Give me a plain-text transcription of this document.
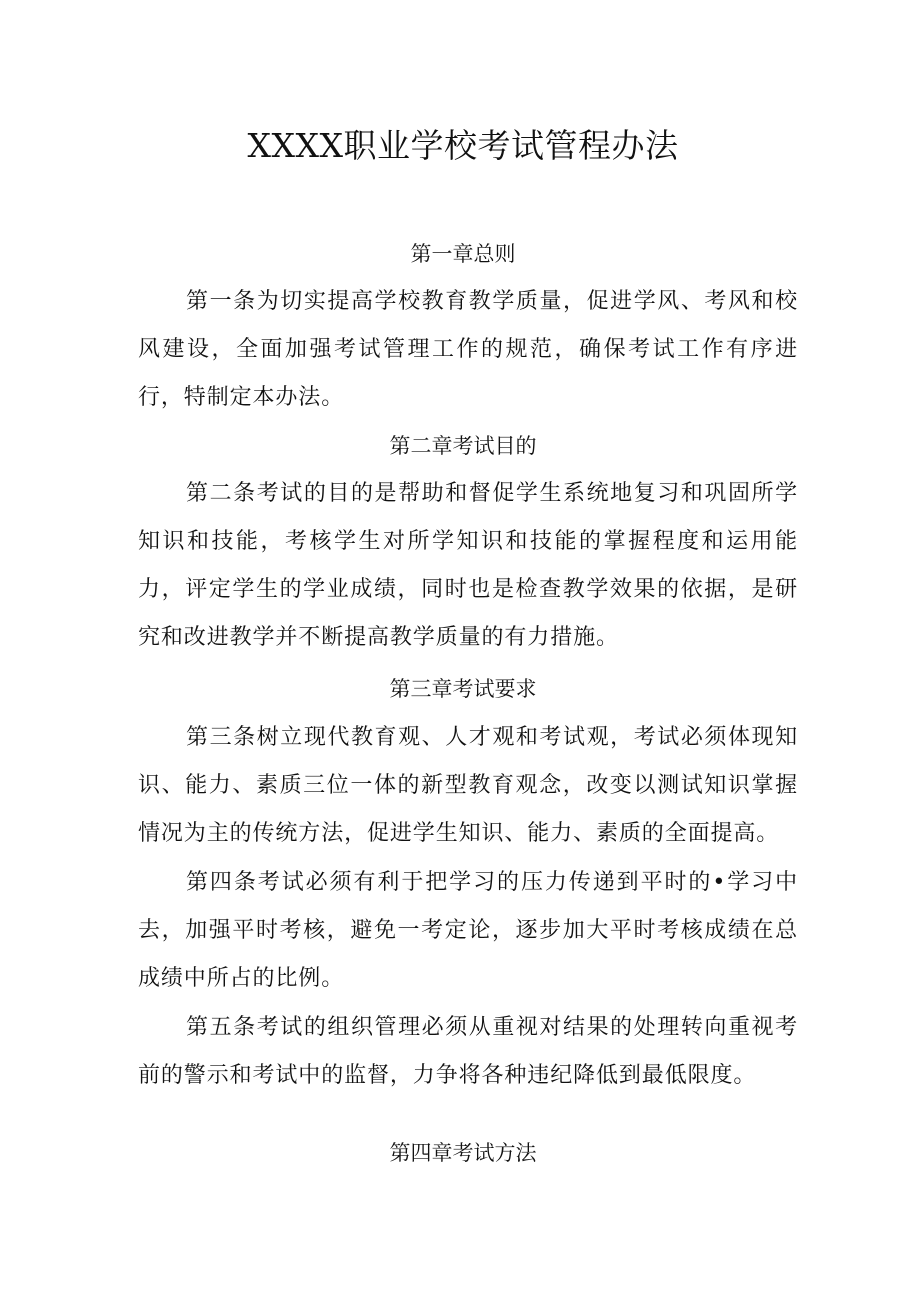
XXXX职业学校考试管程办法
第一章总则

第一条为切实提高学校教育教学质量，促进学风、考风和校风建设，全面加强考试管理工作的规范，确保考试工作有序进行，特制定本办法。

第二章考试目的

第二条考试的目的是帮助和督促学生系统地复习和巩固所学知识和技能，考核学生对所学知识和技能的掌握程度和运用能力，评定学生的学业成绩，同时也是检查教学效果的依据，是研究和改进教学并不断提高教学质量的有力措施。

第三章考试要求

第三条树立现代教育观、人才观和考试观，考试必须体现知识、能力、素质三位一体的新型教育观念，改变以测试知识掌握情况为主的传统方法，促进学生知识、能力、素质的全面提高。

第四条考试必须有利于把学习的压力传递到平时的•学习中去，加强平时考核，避免一考定论，逐步加大平时考核成绩在总成绩中所占的比例。

第五条考试的组织管理必须从重视对结果的处理转向重视考前的警示和考试中的监督，力争将各种违纪降低到最低限度。

第四章考试方法
